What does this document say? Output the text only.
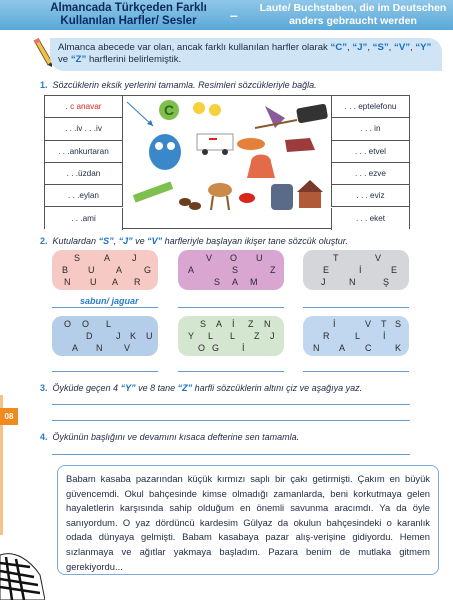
Almancada Türkçeden Farklı
Kullanılan Harfler/ Sesler	–	Laute/ Buchstaben, die im Deutschen
anders gebraucht werden
Almanca abecede var olan, ancak farklı kullanılan harfler olarak “C”, “J”, “S”, “V”, “Y” ve “Z” harflerini belirlemiştik.
1. Sözcüklerin eksik yerlerini tamamla. Resimleri sözcükleriyle bağla.
. c anavar
. . .iv . . .iv
. . .ankurtaran
. . .üzdan
. . .eylan
. . .ami
. . . eptelefonu
. . . in
. . . etvel
. . . ezve
. . . eviz
. . . eket
C
2. Kutulardan “S”, “J” ve “V” harfleriyle başlayan ikişer tane sözcük oluştur.
S	A J
B U A G
N U A R
V O U
A	S	Z
S A M
T	V
E	İ	E
J	N	Ş
sabun/ jaguar
O O L
D	J K U
A N V
S A İ Z N
Y L L Z J
O G	İ
İ	V T S
R	L	İ
N A C	K
3. Öyküde geçen 4 “Y” ve 8 tane “Z” harfli sözcüklerin altını çiz ve aşağıya yaz.
08
4. Öykünün başlığını ve devamını kısaca defterine sen tamamla.
Babam kasaba pazarından küçük kırmızı saplı bir çakı getirmişti. Çakım en büyük güvencemdi. Okul bahçesinde kimse olmadığı zamanlarda, beni korkutmaya gelen hayaletlerin karşısında sahip olduğum en önemli savunma aracımdı. Ya da öyle sanıyordum. O yaz dördüncü kardesim Gülyaz da okulun bahçesindeki o karanlık odada dünyaya gelmişti. Babam kasabaya pazar alış-verişine gidiyordu. Hemen sızlanmaya ve ağıtlar yakmaya başladım. Pazara benim de mutlaka gitmem gerekiyordu...
